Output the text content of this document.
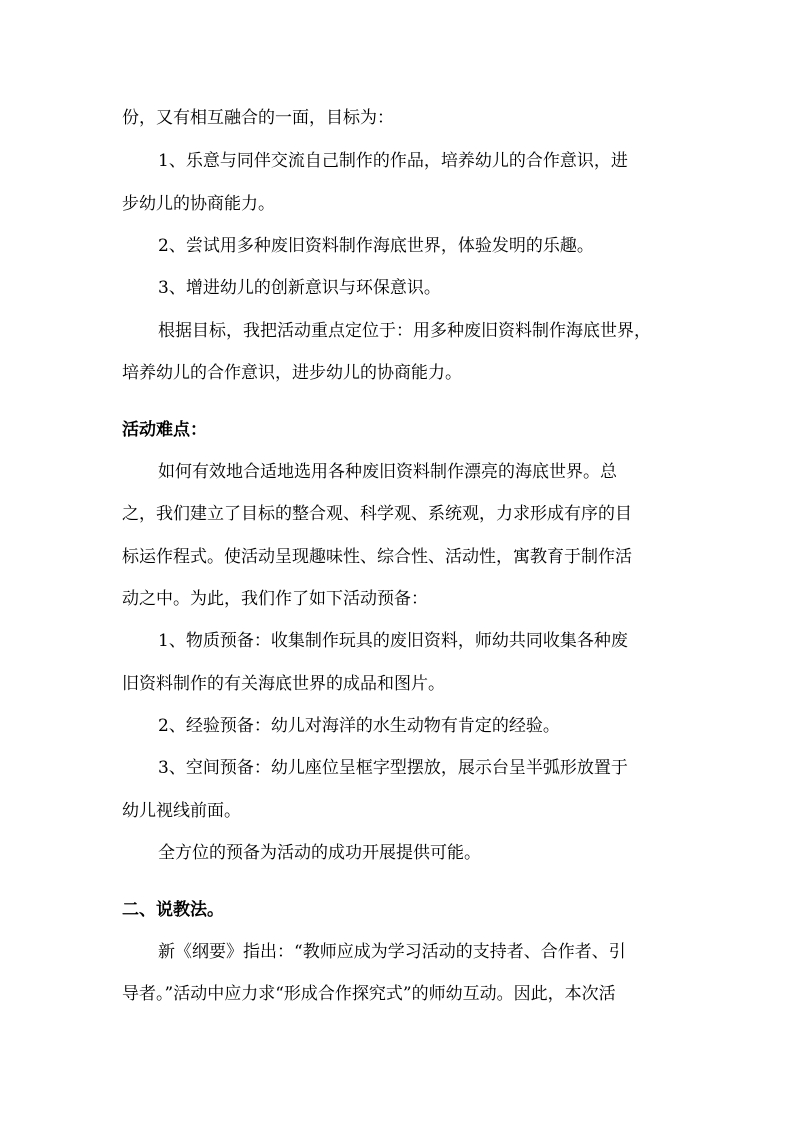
份，又有相互融合的一面，目标为：
1、乐意与同伴交流自己制作的作品，培养幼儿的合作意识，进
步幼儿的协商能力。
2、尝试用多种废旧资料制作海底世界，体验发明的乐趣。
3、增进幼儿的创新意识与环保意识。
根据目标，我把活动重点定位于：用多种废旧资料制作海底世界，
培养幼儿的合作意识，进步幼儿的协商能力。
活动难点：
如何有效地合适地选用各种废旧资料制作漂亮的海底世界。总
之，我们建立了目标的整合观、科学观、系统观，力求形成有序的目
标运作程式。使活动呈现趣味性、综合性、活动性，寓教育于制作活
动之中。为此，我们作了如下活动预备：
1、物质预备：收集制作玩具的废旧资料，师幼共同收集各种废
旧资料制作的有关海底世界的成品和图片。
2、经验预备：幼儿对海洋的水生动物有肯定的经验。
3、空间预备：幼儿座位呈框字型摆放，展示台呈半弧形放置于
幼儿视线前面。
全方位的预备为活动的成功开展提供可能。
二、说教法。
新《纲要》指出：“教师应成为学习活动的支持者、合作者、引
导者。”活动中应力求“形成合作探究式”的师幼互动。因此，本次活
